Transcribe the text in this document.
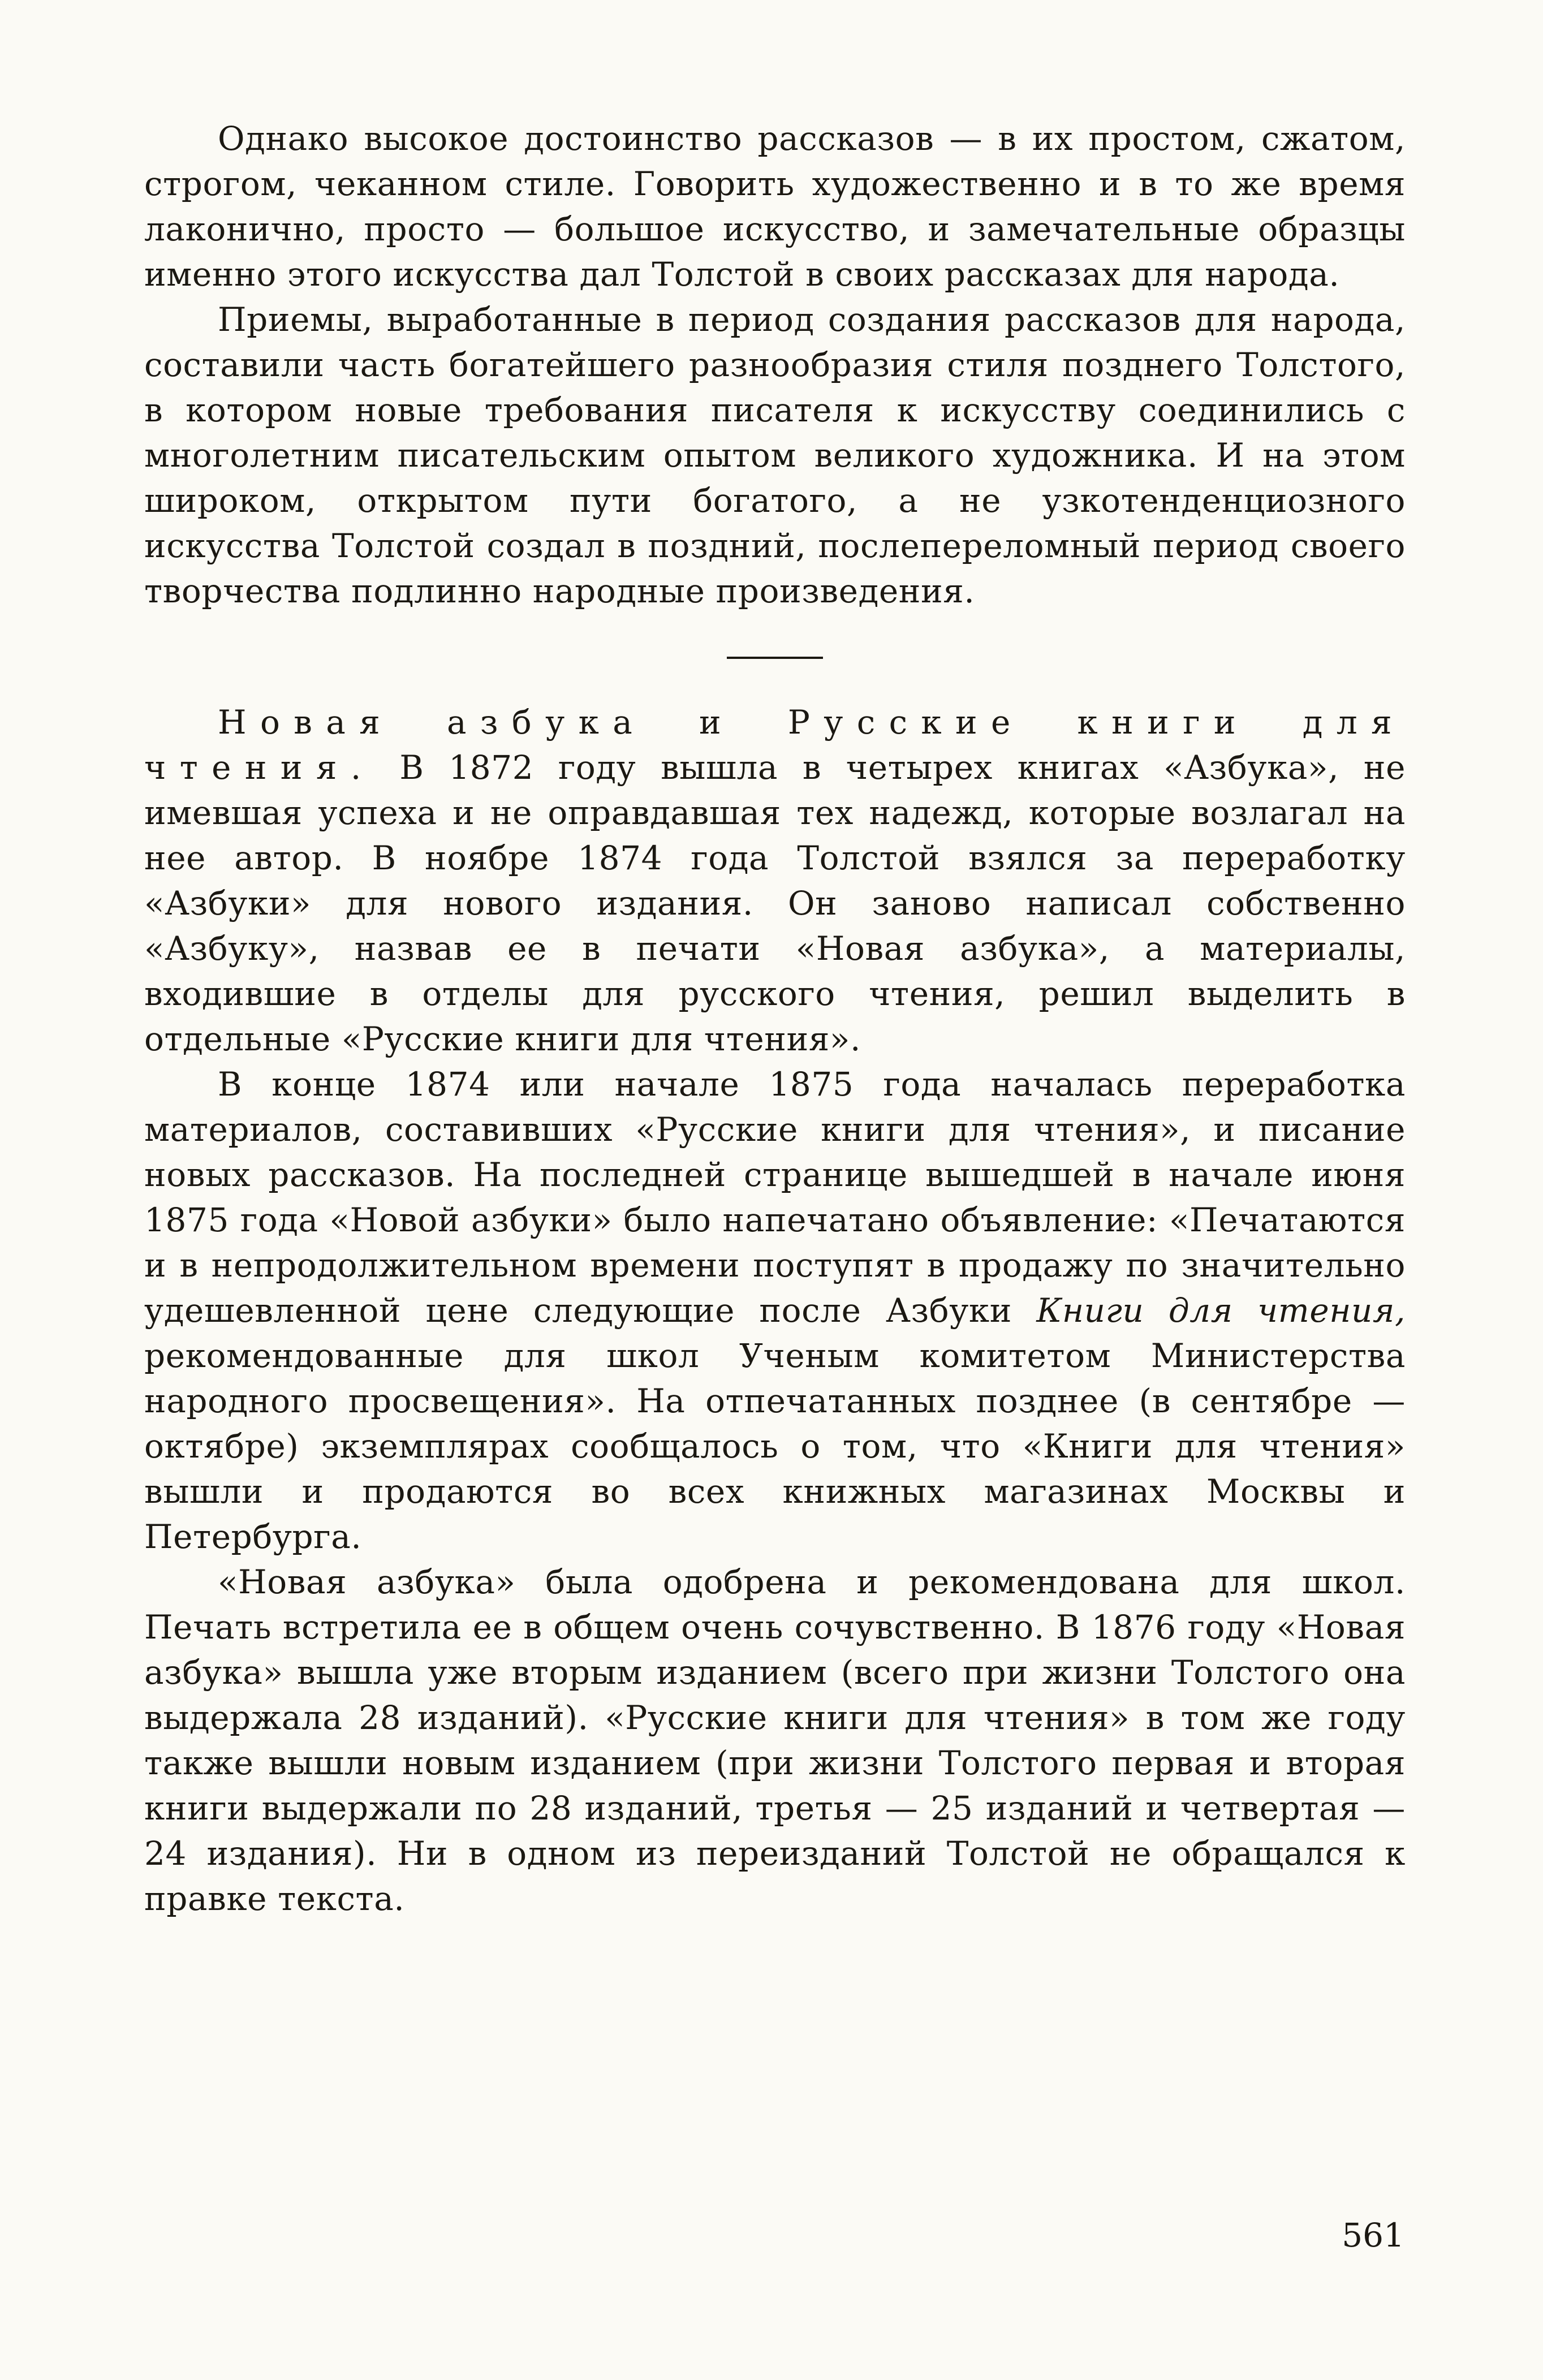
Однако высокое достоинство рассказов — в их простом, сжатом, строгом, чеканном стиле. Говорить художественно и в то же время лаконично, просто — большое искусство, и замечательные образцы именно этого искусства дал Толстой в своих рассказах для народа.

Приемы, выработанные в период создания рассказов для народа, составили часть богатейшего разнообразия стиля позднего Толстого, в котором новые требования писателя к искусству соединились с многолетним писательским опытом великого художника. И на этом широком, открытом пути богатого, а не узкотенденциозного искусства Толстой создал в поздний, послепереломный период своего творчества подлинно народные произведения.

Новая азбука и Русские книги для чтения. В 1872 году вышла в четырех книгах «Азбука», не имевшая успеха и не оправдавшая тех надежд, которые возлагал на нее автор. В ноябре 1874 года Толстой взялся за переработку «Азбуки» для нового издания. Он заново написал собственно «Азбуку», назвав ее в печати «Новая азбука», а материалы, входившие в отделы для русского чтения, решил выделить в отдельные «Русские книги для чтения».

В конце 1874 или начале 1875 года началась переработка материалов, составивших «Русские книги для чтения», и писание новых рассказов. На последней странице вышедшей в начале июня 1875 года «Новой азбуки» было напечатано объявление: «Печатаются и в непродолжительном времени поступят в продажу по значительно удешевленной цене следующие после Азбуки Книги для чтения, рекомендованные для школ Ученым комитетом Министерства народного просвещения». На отпечатанных позднее (в сентябре — октябре) экземплярах сообщалось о том, что «Книги для чтения» вышли и продаются во всех книжных магазинах Москвы и Петербурга.

«Новая азбука» была одобрена и рекомендована для школ. Печать встретила ее в общем очень сочувственно. В 1876 году «Новая азбука» вышла уже вторым изданием (всего при жизни Толстого она выдержала 28 изданий). «Русские книги для чтения» в том же году также вышли новым изданием (при жизни Толстого первая и вторая книги выдержали по 28 изданий, третья — 25 изданий и четвертая — 24 издания). Ни в одном из переизданий Толстой не обращался к правке текста.

561
